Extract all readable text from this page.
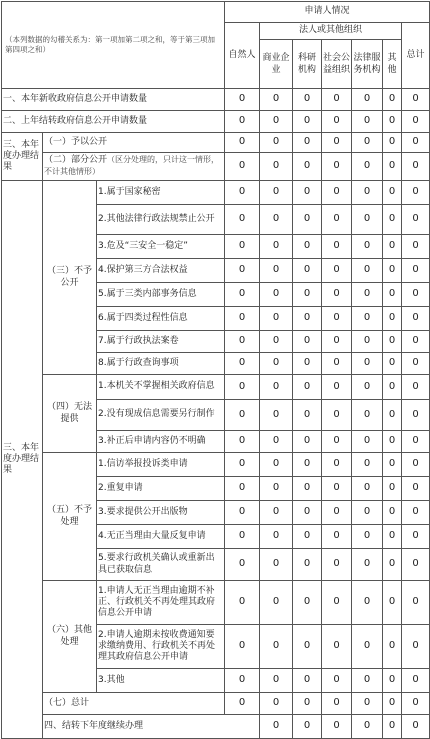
（本列数据的勾稽关系为：第一项加第二项之和，等于第三项加第四项之和）			申请人情况							
			自然人	法人或其他组织					总计	
				商业企业	科研机构	社会公益组织	法律服务机构	其他		
一、本年新收政府信息公开申请数量			0	0	0	0	0	0	0	
二、上年结转政府信息公开申请数量			0	0	0	0	0	0	0	
三、本年度办理结果	（一）予以公开		0	0	0	0	0	0	0	
	（二）部分公开（区分处理的，只计这一情形，不计其他情形）		0	0	0	0	0	0	0	
三、本年度办理结果	（三）不予公开	1.属于国家秘密	0	0	0	0	0	0	0	
		2.其他法律行政法规禁止公开	0	0	0	0	0	0	0	
		3.危及“三安全一稳定”	0	0	0	0	0	0	0	
		4.保护第三方合法权益	0	0	0	0	0	0	0	
		5.属于三类内部事务信息	0	0	0	0	0	0	0	
		6.属于四类过程性信息	0	0	0	0	0	0	0	
		7.属于行政执法案卷	0	0	0	0	0	0	0	
		8.属于行政查询事项	0	0	0	0	0	0	0	
	（四）无法提供	1.本机关不掌握相关政府信息	0	0	0	0	0	0	0	
		2.没有现成信息需要另行制作	0	0	0	0	0	0	0	
		3.补正后申请内容仍不明确	0	0	0	0	0	0	0	
	（五）不予处理	1.信访举报投诉类申请	0	0	0	0	0	0	0	
		2.重复申请	0	0	0	0	0	0	0	
		3.要求提供公开出版物	0	0	0	0	0	0	0	
		4.无正当理由大量反复申请	0	0	0	0	0	0	0	
		5.要求行政机关确认或重新出具已获取信息	0	0	0	0	0	0	0	
	（六）其他处理	1.申请人无正当理由逾期不补正、行政机关不再处理其政府信息公开申请	0	0	0	0	0	0	0	
		2.申请人逾期未按收费通知要求缴纳费用、行政机关不再处理其政府信息公开申请	0	0	0	0	0	0	0	
		3.其他	0	0	0	0	0	0	0	
	（七）总计		0	0	0	0	0	0	0	
	四、结转下年度继续办理			0	0	0	0	0	0	
